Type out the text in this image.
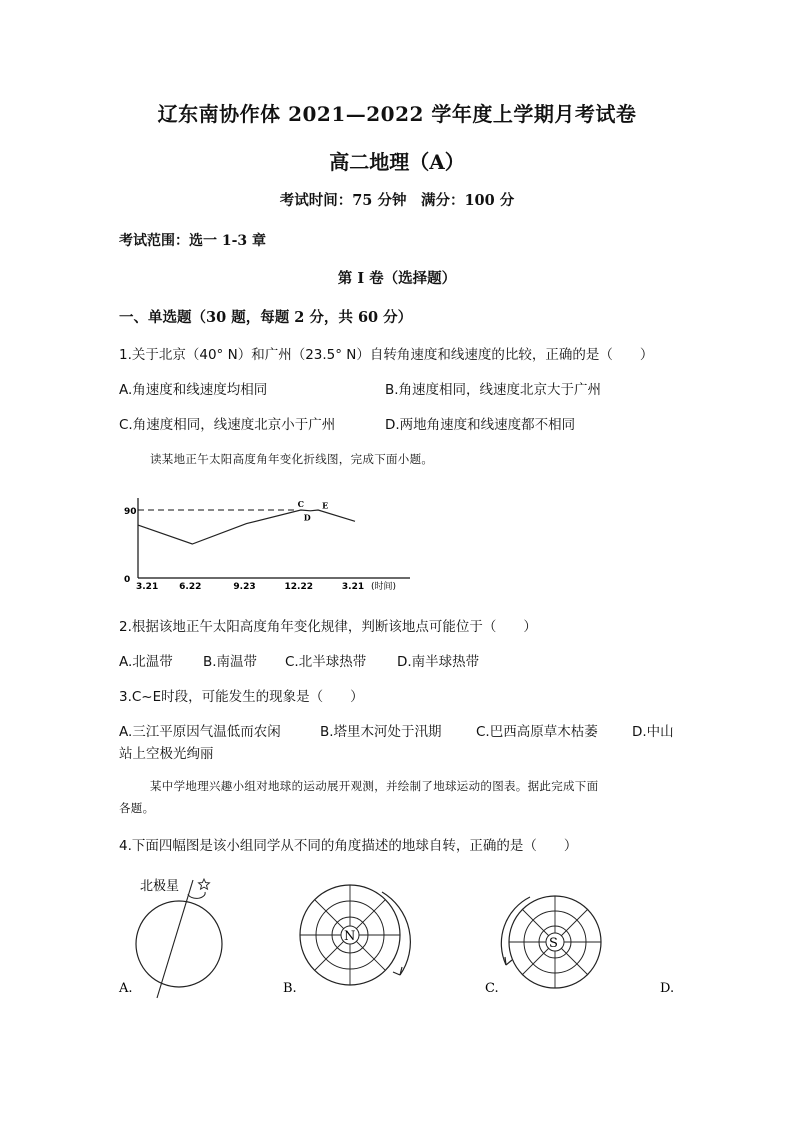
辽东南协作体 2021—2022 学年度上学期月考试卷
高二地理（A）
考试时间：75 分钟　满分：100 分
考试范围：选一 1-3 章
第 I 卷（选择题）
一、单选题（30 题，每题 2 分，共 60 分）
1.关于北京（40° N）和广州（23.5° N）自转角速度和线速度的比较，正确的是（　　）
A.角速度和线速度均相同	B.角速度相同，线速度北京大于广州
C.角速度相同，线速度北京小于广州	D.两地角速度和线速度都不相同
读某地正午太阳高度角年变化折线图，完成下面小题。
90
0
3.21 6.22	9.23	12.22	3.21 (时间)
C
D
E
2.根据该地正午太阳高度角年变化规律，判断该地点可能位于（　　）
A.北温带 B.南温带 C.北半球热带 D.南半球热带
3.C~E时段，可能发生的现象是（　　）
A.三江平原因气温低而农闲	B.塔里木河处于汛期	C.巴西高原草木枯萎	D.中山
站上空极光绚丽
某中学地理兴趣小组对地球的运动展开观测，并绘制了地球运动的图表。据此完成下面
各题。
4.下面四幅图是该小组同学从不同的角度描述的地球自转，正确的是（　　）
北极星
N	S
A.	B.	C.	D.
